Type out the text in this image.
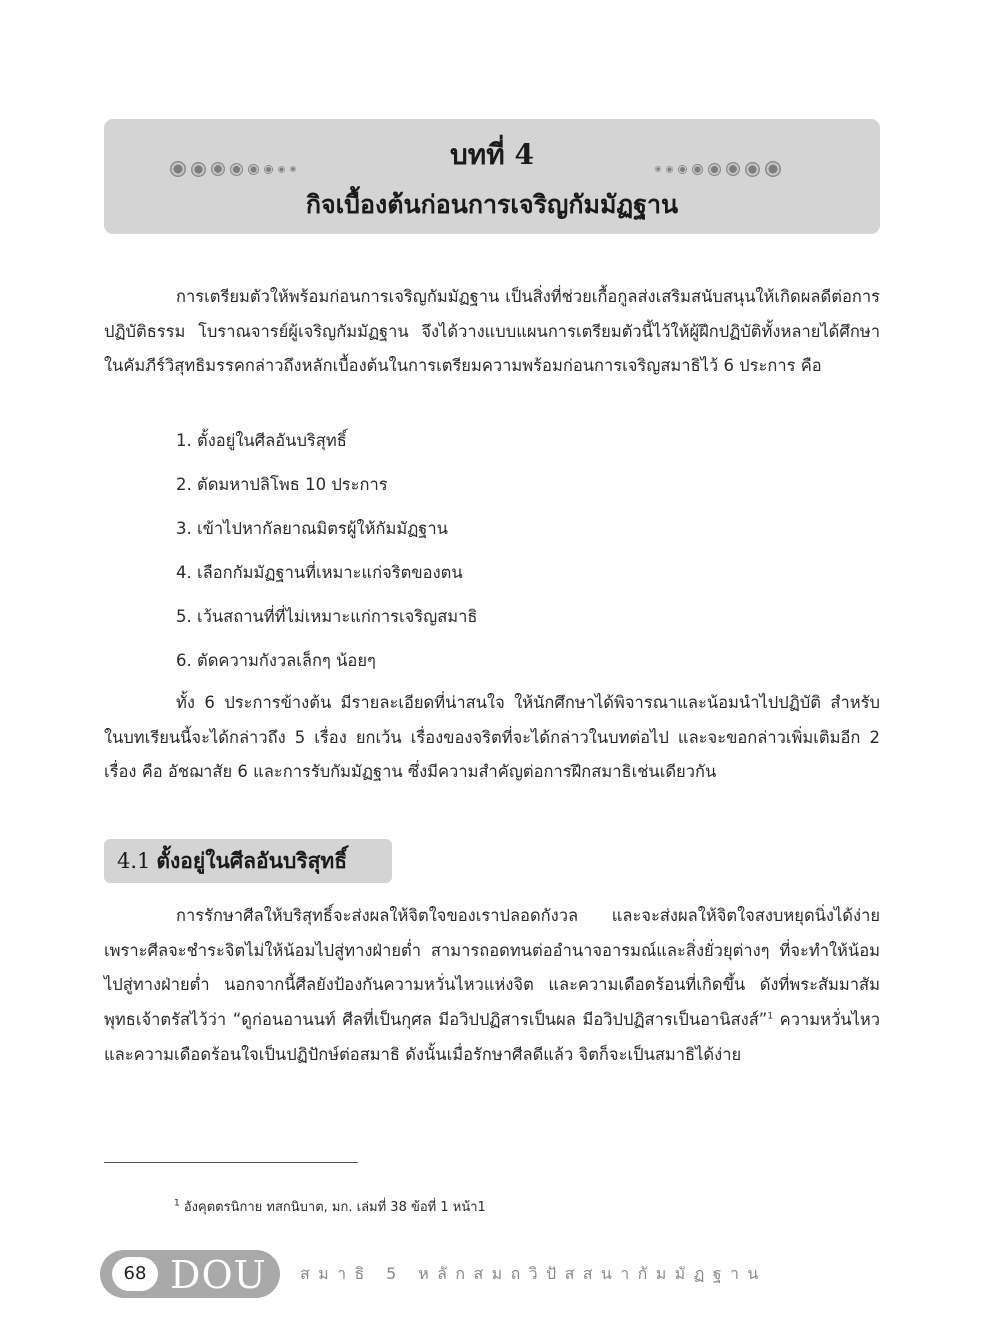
บทที่ 4
กิจเบื้องต้นก่อนการเจริญกัมมัฏฐาน
การเตรียมตัวให้พร้อมก่อนการเจริญกัมมัฏฐาน เป็นสิ่งที่ช่วยเกื้อกูลส่งเสริมสนับสนุนให้เกิดผลดีต่อการปฏิบัติธรรม โบราณจารย์ผู้เจริญกัมมัฏฐาน จึงได้วางแบบแผนการเตรียมตัวนี้ไว้ให้ผู้ฝึกปฏิบัติทั้งหลายได้ศึกษา ในคัมภีร์วิสุทธิมรรคกล่าวถึงหลักเบื้องต้นในการเตรียมความพร้อมก่อนการเจริญสมาธิไว้ 6 ประการ คือ
1. ตั้งอยู่ในศีลอันบริสุทธิ์
2. ตัดมหาปลิโพธ 10 ประการ
3. เข้าไปหากัลยาณมิตรผู้ให้กัมมัฏฐาน
4. เลือกกัมมัฏฐานที่เหมาะแก่จริตของตน
5. เว้นสถานที่ที่ไม่เหมาะแก่การเจริญสมาธิ
6. ตัดความกังวลเล็กๆ น้อยๆ
ทั้ง 6 ประการข้างต้น มีรายละเอียดที่น่าสนใจ ให้นักศึกษาได้พิจารณาและน้อมนำไปปฏิบัติ สำหรับ ในบทเรียนนี้จะได้กล่าวถึง 5 เรื่อง ยกเว้น เรื่องของจริตที่จะได้กล่าวในบทต่อไป และจะขอกล่าวเพิ่มเติมอีก 2 เรื่อง คือ อัชฌาสัย 6 และการรับกัมมัฏฐาน ซึ่งมีความสำคัญต่อการฝึกสมาธิเช่นเดียวกัน
4.1 ตั้งอยู่ในศีลอันบริสุทธิ์
การรักษาศีลให้บริสุทธิ์จะส่งผลให้จิตใจของเราปลอดกังวล และจะส่งผลให้จิตใจสงบหยุดนิ่งได้ง่าย เพราะศีลจะชำระจิตไม่ให้น้อมไปสู่ทางฝ่ายต่ำ สามารถอดทนต่ออำนาจอารมณ์และสิ่งยั่วยุต่างๆ ที่จะทำให้น้อมไปสู่ทางฝ่ายต่ำ นอกจากนี้ศีลยังป้องกันความหวั่นไหวแห่งจิต และความเดือดร้อนที่เกิดขึ้น ดังที่พระสัมมาสัมพุทธเจ้าตรัสไว้ว่า “ดูก่อนอานนท์ ศีลที่เป็นกุศล มีอวิปปฏิสารเป็นผล มีอวิปปฏิสารเป็นอานิสงส์”$^1$ ความหวั่นไหว และความเดือดร้อนใจเป็นปฏิปักษ์ต่อสมาธิ ดังนั้นเมื่อรักษาศีลดีแล้ว จิตก็จะเป็นสมาธิได้ง่าย
$^1$ อังคุตตรนิกาย ทสกนิบาต, มก. เล่มที่ 38 ข้อที่ 1 หน้า1
68 DOU สมาธิ 5 หลักสมถวิปัสสนากัมมัฏฐาน
